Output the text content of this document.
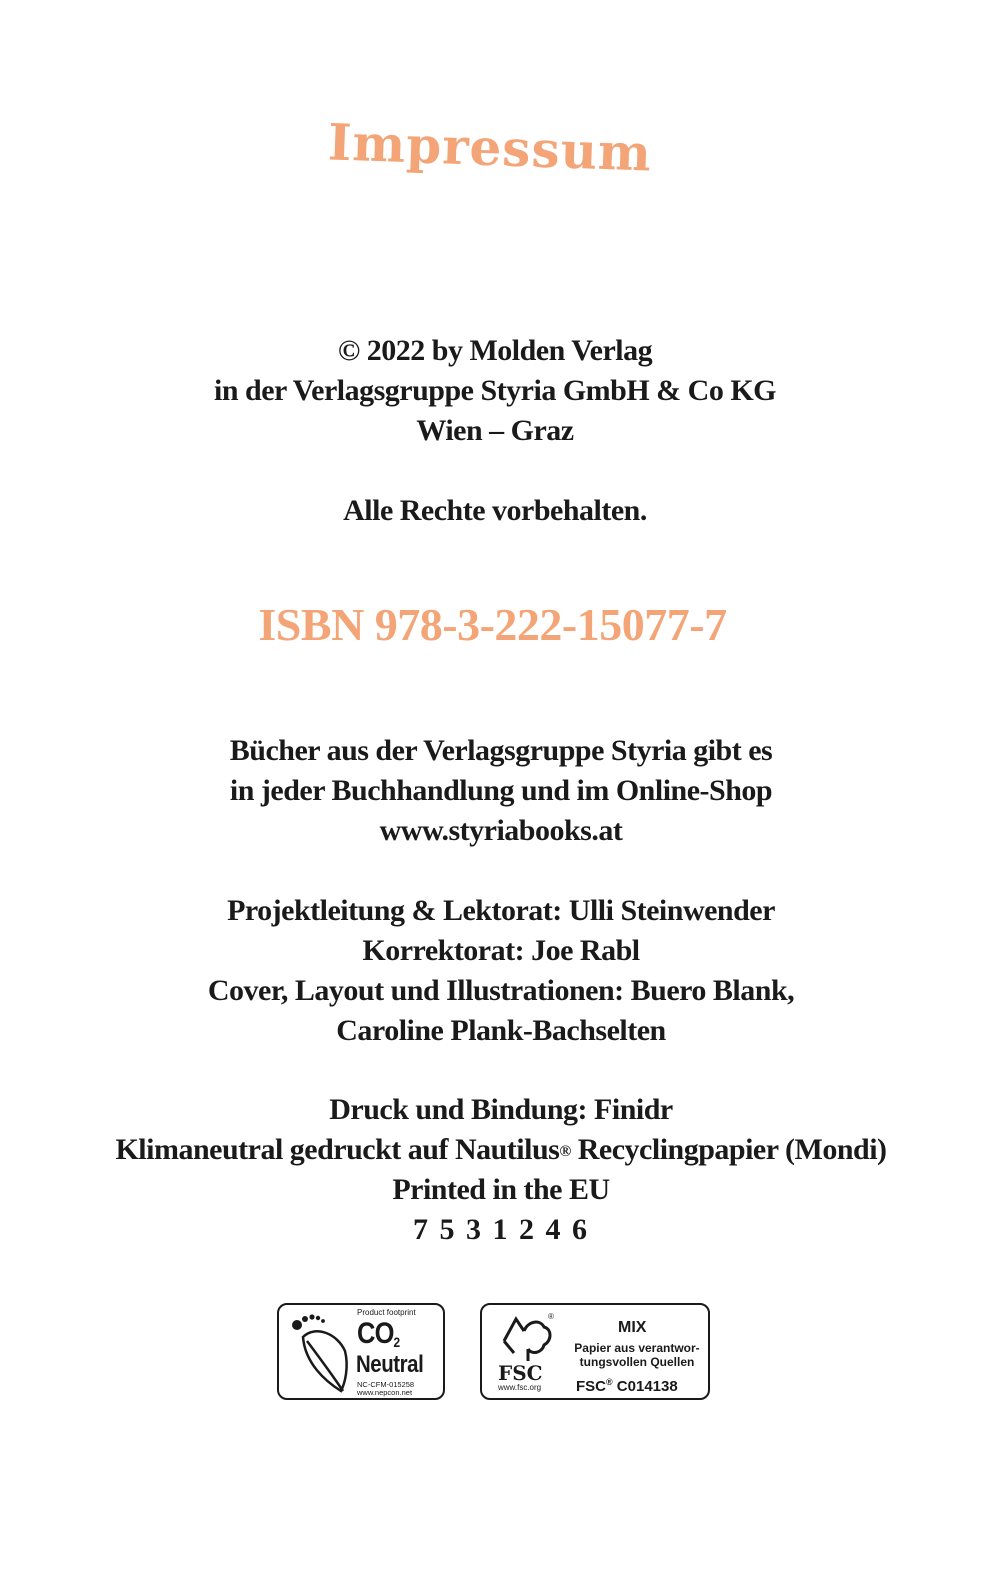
Impressum
© 2022 by Molden Verlag
in der Verlagsgruppe Styria GmbH & Co KG
Wien – Graz
Alle Rechte vorbehalten.
ISBN 978-3-222-15077-7
Bücher aus der Verlagsgruppe Styria gibt es
in jeder Buchhandlung und im Online-Shop
www.styriabooks.at
Projektleitung & Lektorat: Ulli Steinwender
Korrektorat: Joe Rabl
Cover, Layout und Illustrationen: Buero Blank,
Caroline Plank-Bachselten
Druck und Bindung: Finidr
Klimaneutral gedruckt auf Nautilus® Recyclingpapier (Mondi)
Printed in the EU
7 5 3 1 2 4 6
Product footprint
$CO_2$
Neutral
NC-CFM-015258
www.nepcon.net
®
FSC
www.fsc.org
MIX
Papier aus verantwor-
tungsvollen Quellen
FSC® C014138
